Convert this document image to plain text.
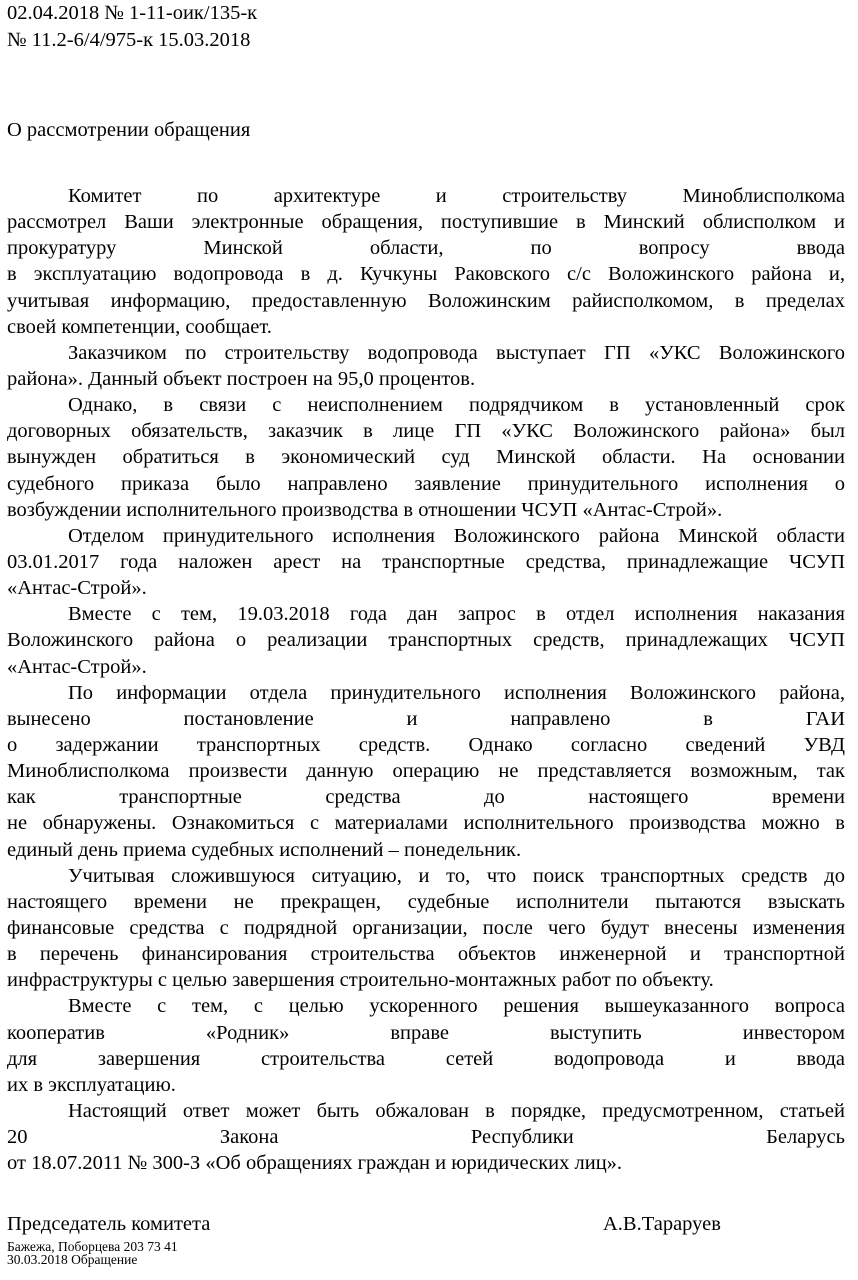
02.04.2018 № 1-11-оик/135-к
№ 11.2-6/4/975-к 15.03.2018
О рассмотрении обращения
Комитет по архитектуре и строительству Миноблисполкома
рассмотрел Ваши электронные обращения, поступившие в Минский облисполком и
прокуратуру Минской области, по вопросу ввода
в эксплуатацию водопровода в д. Кучкуны Раковского с/с Воложинского района и,
учитывая информацию, предоставленную Воложинским райисполкомом, в пределах
своей компетенции, сообщает.
Заказчиком по строительству водопровода выступает ГП «УКС Воложинского
района». Данный объект построен на 95,0 процентов.
Однако, в связи с неисполнением подрядчиком в установленный срок
договорных обязательств, заказчик в лице ГП «УКС Воложинского района» был
вынужден обратиться в экономический суд Минской области. На основании
судебного приказа было направлено заявление принудительного исполнения о
возбуждении исполнительного производства в отношении ЧСУП «Антас-Строй».
Отделом принудительного исполнения Воложинского района Минской области
03.01.2017 года наложен арест на транспортные средства, принадлежащие ЧСУП
«Антас-Строй».
Вместе с тем, 19.03.2018 года дан запрос в отдел исполнения наказания
Воложинского района о реализации транспортных средств, принадлежащих ЧСУП
«Антас-Строй».
По информации отдела принудительного исполнения Воложинского района,
вынесено постановление и направлено в ГАИ
о задержании транспортных средств. Однако согласно сведений УВД
Миноблисполкома произвести данную операцию не представляется возможным, так
как транспортные средства до настоящего времени
не обнаружены. Ознакомиться с материалами исполнительного производства можно в
единый день приема судебных исполнений – понедельник.
Учитывая сложившуюся ситуацию, и то, что поиск транспортных средств до
настоящего времени не прекращен, судебные исполнители пытаются взыскать
финансовые средства с подрядной организации, после чего будут внесены изменения
в перечень финансирования строительства объектов инженерной и транспортной
инфраструктуры с целью завершения строительно-монтажных работ по объекту.
Вместе с тем, с целью ускоренного решения вышеуказанного вопроса
кооператив «Родник» вправе выступить инвестором
для завершения строительства сетей водопровода и ввода
их в эксплуатацию.
Настоящий ответ может быть обжалован в порядке, предусмотренном, статьей
20 Закона Республики Беларусь
от 18.07.2011 № 300-З «Об обращениях граждан и юридических лиц».
Председатель комитета	А.В.Тараруев
Бажежа, Поборцева 203 73 41
30.03.2018 Обращение
